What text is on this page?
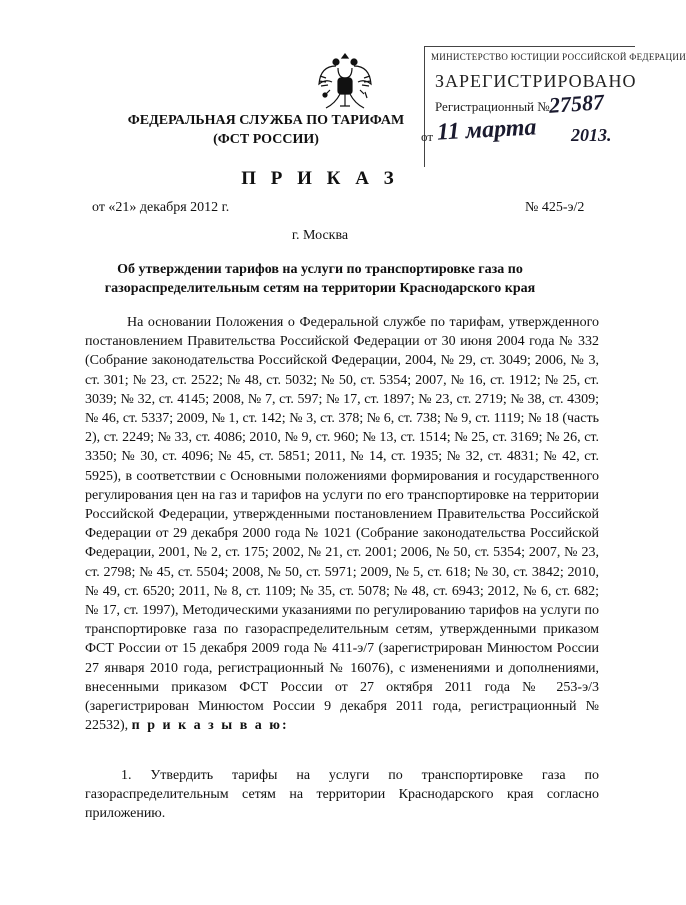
МИНИСТЕРСТВО ЮСТИЦИИ РОССИЙСКОЙ ФЕДЕРАЦИИ
ЗАРЕГИСТРИРОВАНО
Регистрационный №
27587
от 11 марта 2013.
ФЕДЕРАЛЬНАЯ СЛУЖБА ПО ТАРИФАМ
(ФСТ РОССИИ)
П Р И К А З
от «21» декабря 2012 г.	№ 425-э/2
г. Москва
Об утверждении тарифов на услуги по транспортировке газа по газораспределительным сетям на территории Краснодарского края
На основании Положения о Федеральной службе по тарифам, утвержденного постановлением Правительства Российской Федерации от 30 июня 2004 года № 332 (Собрание законодательства Российской Федерации, 2004, № 29, ст. 3049; 2006, № 3, ст. 301; № 23, ст. 2522; № 48, ст. 5032; № 50, ст. 5354; 2007, № 16, ст. 1912; № 25, ст. 3039; № 32, ст. 4145; 2008, № 7, ст. 597; № 17, ст. 1897; № 23, ст. 2719; № 38, ст. 4309; № 46, ст. 5337; 2009, № 1, ст. 142; № 3, ст. 378; № 6, ст. 738; № 9, ст. 1119; № 18 (часть 2), ст. 2249; № 33, ст. 4086; 2010, № 9, ст. 960; № 13, ст. 1514; № 25, ст. 3169; № 26, ст. 3350; № 30, ст. 4096; № 45, ст. 5851; 2011, № 14, ст. 1935; № 32, ст. 4831; № 42, ст. 5925), в соответствии с Основными положениями формирования и государственного регулирования цен на газ и тарифов на услуги по его транспортировке на территории Российской Федерации, утвержденными постановлением Правительства Российской Федерации от 29 декабря 2000 года № 1021 (Собрание законодательства Российской Федерации, 2001, № 2, ст. 175; 2002, № 21, ст. 2001; 2006, № 50, ст. 5354; 2007, № 23, ст. 2798; № 45, ст. 5504; 2008, № 50, ст. 5971; 2009, № 5, ст. 618; № 30, ст. 3842; 2010, № 49, ст. 6520; 2011, № 8, ст. 1109; № 35, ст. 5078; № 48, ст. 6943; 2012, № 6, ст. 682; № 17, ст. 1997), Методическими указаниями по регулированию тарифов на услуги по транспортировке газа по газораспределительным сетям, утвержденными приказом ФСТ России от 15 декабря 2009 года № 411-э/7 (зарегистрирован Минюстом России 27 января 2010 года, регистрационный № 16076), с изменениями и дополнениями, внесенными приказом ФСТ России от 27 октября 2011 года № 253-э/3 (зарегистрирован Минюстом России 9 декабря 2011 года, регистрационный № 22532), п р и к а з ы в а ю:
1. Утвердить тарифы на услуги по транспортировке газа по газораспределительным сетям на территории Краснодарского края согласно приложению.
